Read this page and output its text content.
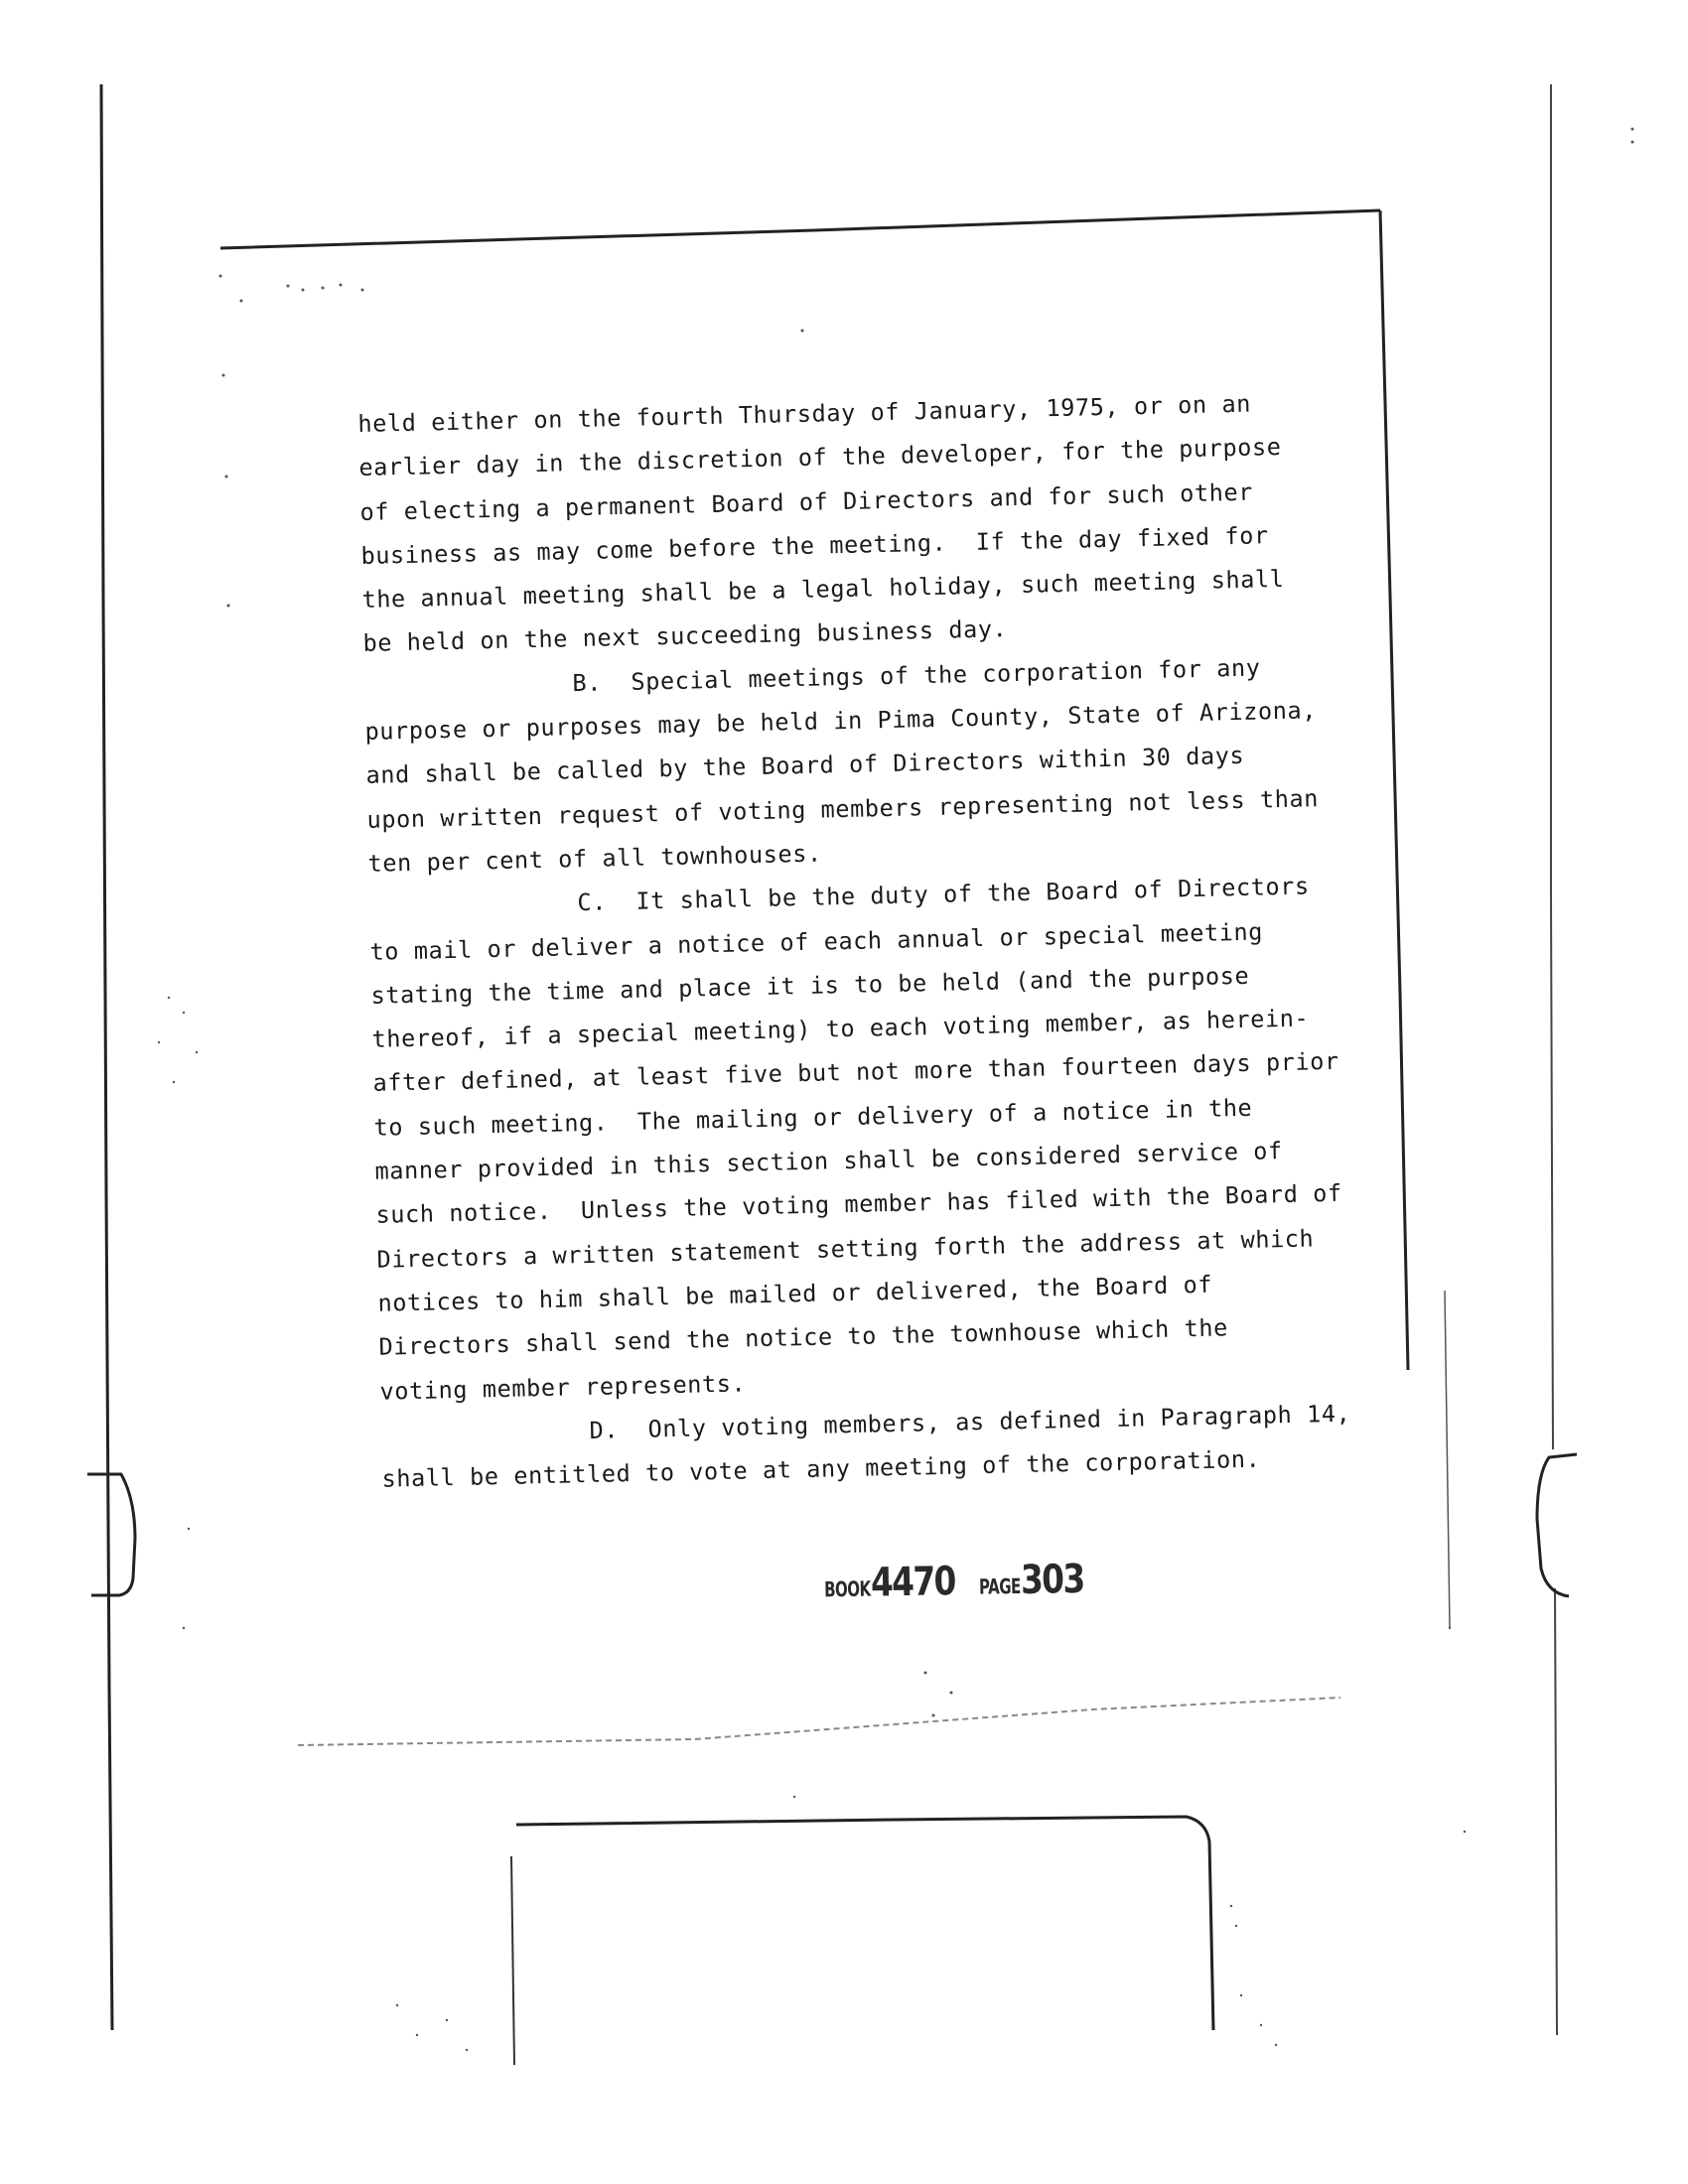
held either on the fourth Thursday of January, 1975, or on an
earlier day in the discretion of the developer, for the purpose
of electing a permanent Board of Directors and for such other
business as may come before the meeting.  If the day fixed for
the annual meeting shall be a legal holiday, such meeting shall
be held on the next succeeding business day.
B.  Special meetings of the corporation for any
purpose or purposes may be held in Pima County, State of Arizona,
and shall be called by the Board of Directors within 30 days
upon written request of voting members representing not less than
ten per cent of all townhouses.
C.  It shall be the duty of the Board of Directors
to mail or deliver a notice of each annual or special meeting
stating the time and place it is to be held (and the purpose
thereof, if a special meeting) to each voting member, as herein-
after defined, at least five but not more than fourteen days prior
to such meeting.  The mailing or delivery of a notice in the
manner provided in this section shall be considered service of
such notice.  Unless the voting member has filed with the Board of
Directors a written statement setting forth the address at which
notices to him shall be mailed or delivered, the Board of
Directors shall send the notice to the townhouse which the
voting member represents.
D.  Only voting members, as defined in Paragraph 14,
shall be entitled to vote at any meeting of the corporation.
BOOK4470 PAGE303
